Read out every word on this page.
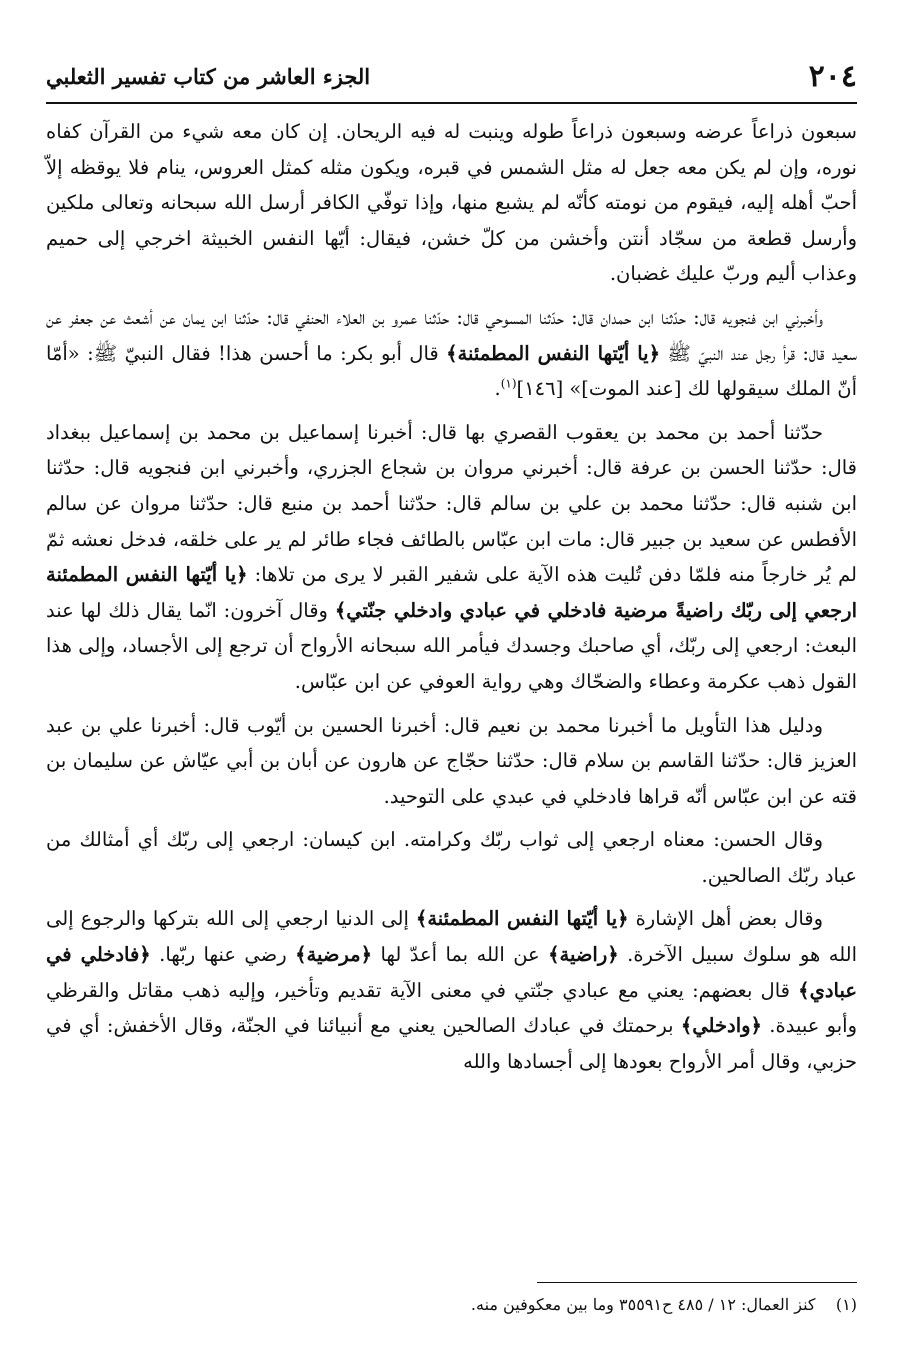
٢٠٤
الجزء العاشر من كتاب تفسير الثعلبي

سبعون ذراعاً عرضه وسبعون ذراعاً طوله وينبت له فيه الريحان. إن كان معه شيء من القرآن كفاه نوره، وإن لم يكن معه جعل له مثل الشمس في قبره، ويكون مثله كمثل العروس، ينام فلا يوقظه إلاّ أحبّ أهله إليه، فيقوم من نومته كأنّه لم يشبع منها، وإذا توفّي الكافر أرسل الله سبحانه وتعالى ملكين وأرسل قطعة من سجّاد أنتن وأخشن من كلّ خشن، فيقال: أيّها النفس الخبيثة اخرجي إلى حميم وعذاب أليم وربّ عليك غضبان.

وأخبرني ابن فنجويه قال: حدّثنا ابن حمدان قال: حدّثنا المسوحي قال: حدّثنا عمرو بن العلاء الحنفي قال: حدّثنا ابن يمان عن أشعث عن جعفر عن سعيد قال: قرأ رجل عند النبيّ ﷺ ﴿يا أيّتها النفس المطمئنة﴾ قال أبو بكر: ما أحسن هذا! فقال النبيّ ﷺ: «أمّا أنّ الملك سيقولها لك [عند الموت]» [١٤٦]$^{(١)}$.

حدّثنا أحمد بن محمد بن يعقوب القصري بها قال: أخبرنا إسماعيل بن محمد بن إسماعيل ببغداد قال: حدّثنا الحسن بن عرفة قال: أخبرني مروان بن شجاع الجزري، وأخبرني ابن فنجويه قال: حدّثنا ابن شنبه قال: حدّثنا محمد بن علي بن سالم قال: حدّثنا أحمد بن منبع قال: حدّثنا مروان عن سالم الأفطس عن سعيد بن جبير قال: مات ابن عبّاس بالطائف فجاء طائر لم ير على خلقه، فدخل نعشه ثمّ لم يُر خارجاً منه فلمّا دفن تُليت هذه الآية على شفير القبر لا يرى من تلاها: ﴿يا أيّتها النفس المطمئنة ارجعي إلى ربّك راضيةً مرضية فادخلي في عبادي وادخلي جنّتي﴾ وقال آخرون: انّما يقال ذلك لها عند البعث: ارجعي إلى ربّك، أي صاحبك وجسدك فيأمر الله سبحانه الأرواح أن ترجع إلى الأجساد، وإلى هذا القول ذهب عكرمة وعطاء والضحّاك وهي رواية العوفي عن ابن عبّاس.

ودليل هذا التأويل ما أخبرنا محمد بن نعيم قال: أخبرنا الحسين بن أيّوب قال: أخبرنا علي بن عبد العزيز قال: حدّثنا القاسم بن سلام قال: حدّثنا حجّاج عن هارون عن أبان بن أبي عيّاش عن سليمان بن قته عن ابن عبّاس أنّه قراها فادخلي في عبدي على التوحيد.

وقال الحسن: معناه ارجعي إلى ثواب ربّك وكرامته. ابن كيسان: ارجعي إلى ربّك أي أمثالك من عباد ربّك الصالحين.

وقال بعض أهل الإشارة ﴿يا أيّتها النفس المطمئنة﴾ إلى الدنيا ارجعي إلى الله بتركها والرجوع إلى الله هو سلوك سبيل الآخرة. ﴿راضية﴾ عن الله بما أعدّ لها ﴿مرضية﴾ رضي عنها ربّها. ﴿فادخلي في عبادي﴾ قال بعضهم: يعني مع عبادي جنّتي في معنى الآية تقديم وتأخير، وإليه ذهب مقاتل والقرظي وأبو عبيدة. ﴿وادخلي﴾ برحمتك في عبادك الصالحين يعني مع أنبيائنا في الجنّة، وقال الأخفش: أي في حزبي، وقال أمر الأرواح بعودها إلى أجسادها والله

(١)    كنز العمال: ١٢ / ٤٨٥ ح٣٥٥٩١ وما بين معكوفين منه.
